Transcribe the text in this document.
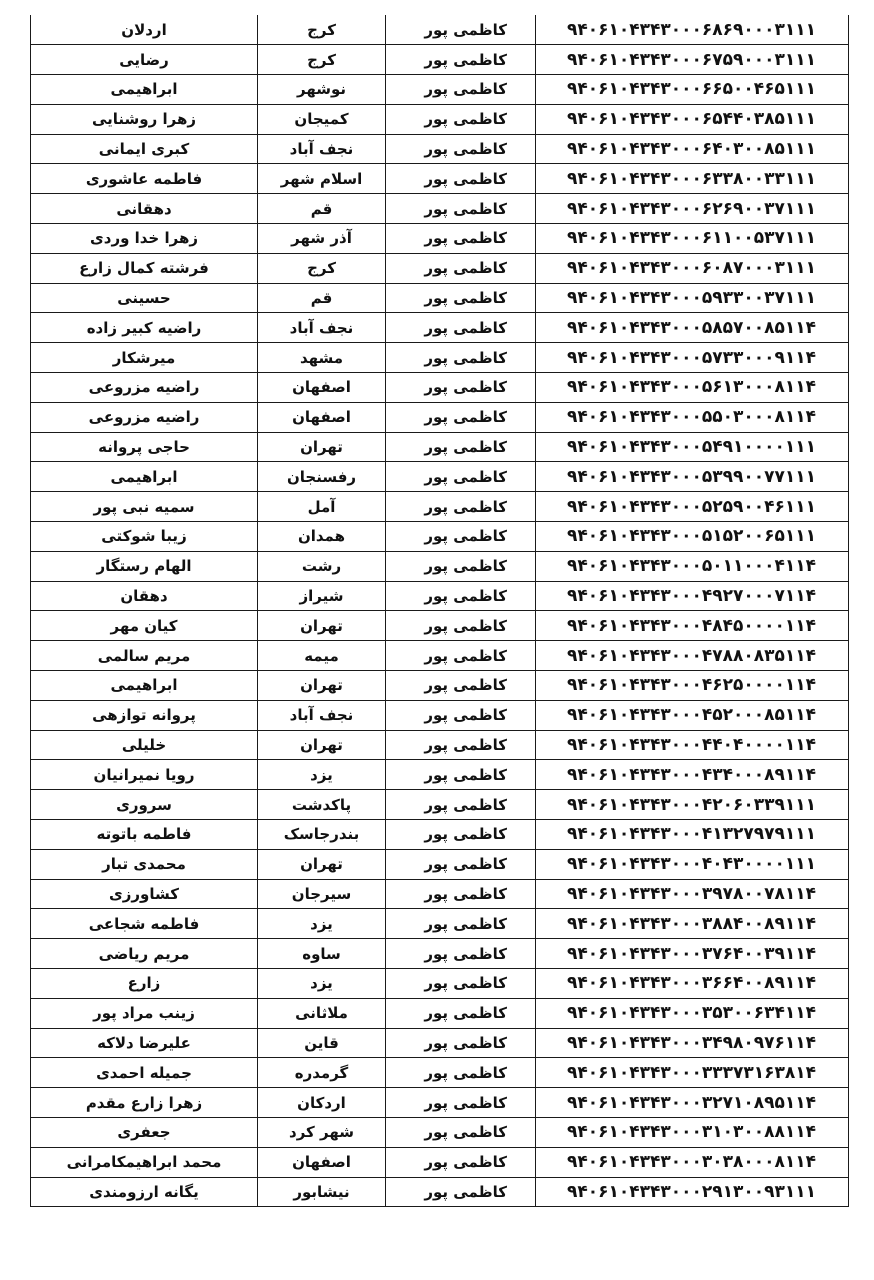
اردلان	کرج	کاظمی پور	۹۴۰۶۱۰۴۳۴۳۰۰۰۶۸۶۹۰۰۰۳۱۱۱
رضایی	کرج	کاظمی پور	۹۴۰۶۱۰۴۳۴۳۰۰۰۶۷۵۹۰۰۰۳۱۱۱
ابراهیمی	نوشهر	کاظمی پور	۹۴۰۶۱۰۴۳۴۳۰۰۰۶۶۵۰۰۴۶۵۱۱۱
زهرا روشنایی	کمیجان	کاظمی پور	۹۴۰۶۱۰۴۳۴۳۰۰۰۶۵۴۴۰۳۸۵۱۱۱
کبری ایمانی	نجف آباد	کاظمی پور	۹۴۰۶۱۰۴۳۴۳۰۰۰۶۴۰۳۰۰۸۵۱۱۱
فاطمه عاشوری	اسلام شهر	کاظمی پور	۹۴۰۶۱۰۴۳۴۳۰۰۰۶۳۳۸۰۰۳۳۱۱۱
دهقانی	قم	کاظمی پور	۹۴۰۶۱۰۴۳۴۳۰۰۰۶۲۶۹۰۰۳۷۱۱۱
زهرا خدا وردی	آذر شهر	کاظمی پور	۹۴۰۶۱۰۴۳۴۳۰۰۰۶۱۱۰۰۵۳۷۱۱۱
فرشته کمال زارع	کرج	کاظمی پور	۹۴۰۶۱۰۴۳۴۳۰۰۰۶۰۸۷۰۰۰۳۱۱۱
حسینی	قم	کاظمی پور	۹۴۰۶۱۰۴۳۴۳۰۰۰۵۹۳۳۰۰۳۷۱۱۱
راضیه کبیر زاده	نجف آباد	کاظمی پور	۹۴۰۶۱۰۴۳۴۳۰۰۰۵۸۵۷۰۰۸۵۱۱۴
میرشکار	مشهد	کاظمی پور	۹۴۰۶۱۰۴۳۴۳۰۰۰۵۷۳۳۰۰۰۹۱۱۴
راضیه مزروعی	اصفهان	کاظمی پور	۹۴۰۶۱۰۴۳۴۳۰۰۰۵۶۱۳۰۰۰۸۱۱۴
راضیه مزروعی	اصفهان	کاظمی پور	۹۴۰۶۱۰۴۳۴۳۰۰۰۵۵۰۳۰۰۰۸۱۱۴
حاجی پروانه	تهران	کاظمی پور	۹۴۰۶۱۰۴۳۴۳۰۰۰۵۴۹۱۰۰۰۰۱۱۱
ابراهیمی	رفسنجان	کاظمی پور	۹۴۰۶۱۰۴۳۴۳۰۰۰۵۳۹۹۰۰۷۷۱۱۱
سمیه نبی پور	آمل	کاظمی پور	۹۴۰۶۱۰۴۳۴۳۰۰۰۵۲۵۹۰۰۴۶۱۱۱
زیبا شوکتی	همدان	کاظمی پور	۹۴۰۶۱۰۴۳۴۳۰۰۰۵۱۵۲۰۰۶۵۱۱۱
الهام رستگار	رشت	کاظمی پور	۹۴۰۶۱۰۴۳۴۳۰۰۰۵۰۱۱۰۰۰۴۱۱۴
دهقان	شیراز	کاظمی پور	۹۴۰۶۱۰۴۳۴۳۰۰۰۴۹۲۷۰۰۰۷۱۱۴
کیان مهر	تهران	کاظمی پور	۹۴۰۶۱۰۴۳۴۳۰۰۰۴۸۴۵۰۰۰۰۱۱۴
مریم سالمی	میمه	کاظمی پور	۹۴۰۶۱۰۴۳۴۳۰۰۰۴۷۸۸۰۸۳۵۱۱۴
ابراهیمی	تهران	کاظمی پور	۹۴۰۶۱۰۴۳۴۳۰۰۰۴۶۲۵۰۰۰۰۱۱۴
پروانه توازهی	نجف آباد	کاظمی پور	۹۴۰۶۱۰۴۳۴۳۰۰۰۴۵۲۰۰۰۸۵۱۱۴
خلیلی	تهران	کاظمی پور	۹۴۰۶۱۰۴۳۴۳۰۰۰۴۴۰۴۰۰۰۰۱۱۴
رویا نمیرانیان	یزد	کاظمی پور	۹۴۰۶۱۰۴۳۴۳۰۰۰۴۳۴۰۰۰۸۹۱۱۴
سروری	پاکدشت	کاظمی پور	۹۴۰۶۱۰۴۳۴۳۰۰۰۴۲۰۶۰۳۳۹۱۱۱
فاطمه باتوته	بندرجاسک	کاظمی پور	۹۴۰۶۱۰۴۳۴۳۰۰۰۴۱۳۲۷۹۷۹۱۱۱
محمدی تبار	تهران	کاظمی پور	۹۴۰۶۱۰۴۳۴۳۰۰۰۴۰۴۳۰۰۰۰۱۱۱
کشاورزی	سیرجان	کاظمی پور	۹۴۰۶۱۰۴۳۴۳۰۰۰۳۹۷۸۰۰۷۸۱۱۴
فاطمه شجاعی	یزد	کاظمی پور	۹۴۰۶۱۰۴۳۴۳۰۰۰۳۸۸۴۰۰۸۹۱۱۴
مریم ریاضی	ساوه	کاظمی پور	۹۴۰۶۱۰۴۳۴۳۰۰۰۳۷۶۴۰۰۳۹۱۱۴
زارع	یزد	کاظمی پور	۹۴۰۶۱۰۴۳۴۳۰۰۰۳۶۶۴۰۰۸۹۱۱۴
زینب مراد پور	ملاثانی	کاظمی پور	۹۴۰۶۱۰۴۳۴۳۰۰۰۳۵۳۰۰۶۳۴۱۱۴
علیرضا دلاکه	قاین	کاظمی پور	۹۴۰۶۱۰۴۳۴۳۰۰۰۳۴۹۸۰۹۷۶۱۱۴
جمیله احمدی	گرمدره	کاظمی پور	۹۴۰۶۱۰۴۳۴۳۰۰۰۳۳۳۷۳۱۶۳۸۱۴
زهرا زارع مقدم	اردکان	کاظمی پور	۹۴۰۶۱۰۴۳۴۳۰۰۰۳۲۷۱۰۸۹۵۱۱۴
جعفری	شهر کرد	کاظمی پور	۹۴۰۶۱۰۴۳۴۳۰۰۰۳۱۰۳۰۰۸۸۱۱۴
محمد ابراهیمکامرانی	اصفهان	کاظمی پور	۹۴۰۶۱۰۴۳۴۳۰۰۰۳۰۳۸۰۰۰۸۱۱۴
یگانه ارزومندی	نیشابور	کاظمی پور	۹۴۰۶۱۰۴۳۴۳۰۰۰۲۹۱۳۰۰۹۳۱۱۱
